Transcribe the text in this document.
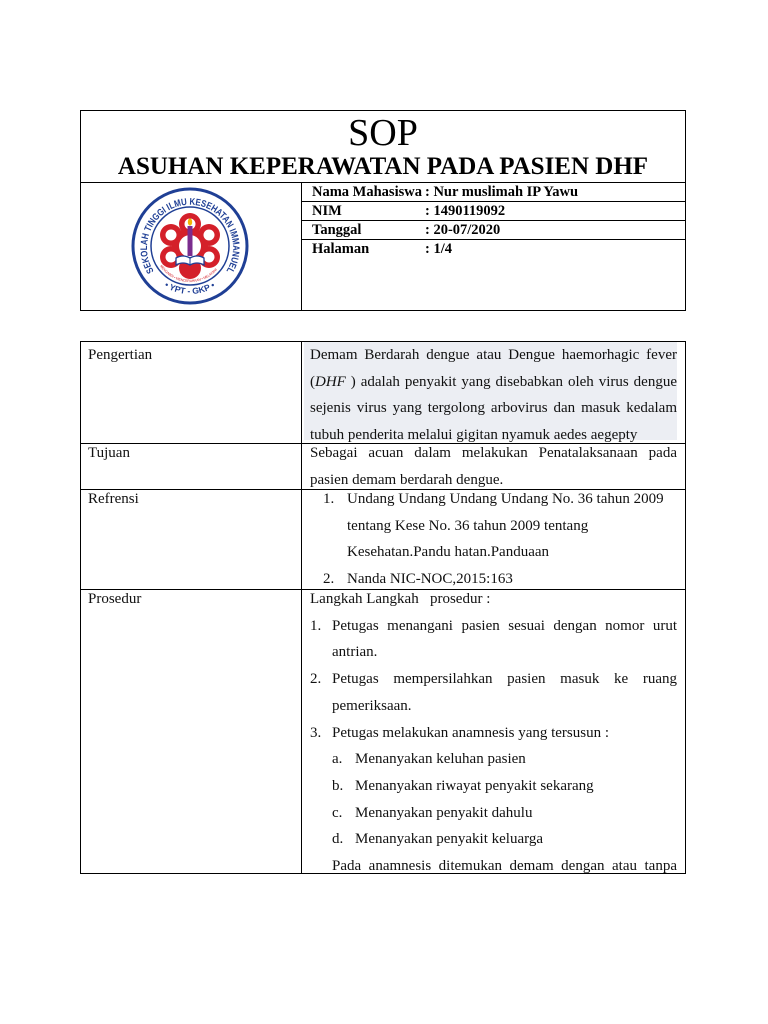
SOP
ASUHAN KEPERAWATAN PADA PASIEN DHF
SEKOLAH TINGGI ILMU KESEHATAN IMMANUEL
• YPT - GKP •
MENGABDI • MENCERAHKAN • MELAYANI
Nama Mahasiswa : Nur muslimah IP Yawu
NIM	: 1490119092
Tanggal	: 20-07/2020
Halaman	: 1/4
Pengertian	Demam Berdarah dengue atau Dengue haemorhagic fever (DHF ) adalah penyakit yang disebabkan oleh virus dengue sejenis virus yang tergolong arbovirus dan masuk kedalam tubuh penderita melalui gigitan nyamuk aedes aegepty
Tujuan	Sebagai acuan dalam melakukan Penatalaksanaan pada pasien demam berdarah dengue.
Refrensi	1. Undang Undang Undang Undang No. 36 tahun 2009 tentang Kese No. 36 tahun 2009 tentang Kesehatan.Pandu hatan.Panduaan
2. Nanda NIC-NOC,2015:163
Prosedur	Langkah Langkah   prosedur :
1. Petugas menangani pasien sesuai dengan nomor urut antrian.
2. Petugas mempersilahkan pasien masuk ke ruang pemeriksaan.
3. Petugas melakukan anamnesis yang tersusun :
a. Menanyakan keluhan pasien
b. Menanyakan riwayat penyakit sekarang
c. Menanyakan penyakit dahulu
d. Menanyakan penyakit keluarga
Pada anamnesis ditemukan demam dengan atau tanpa
